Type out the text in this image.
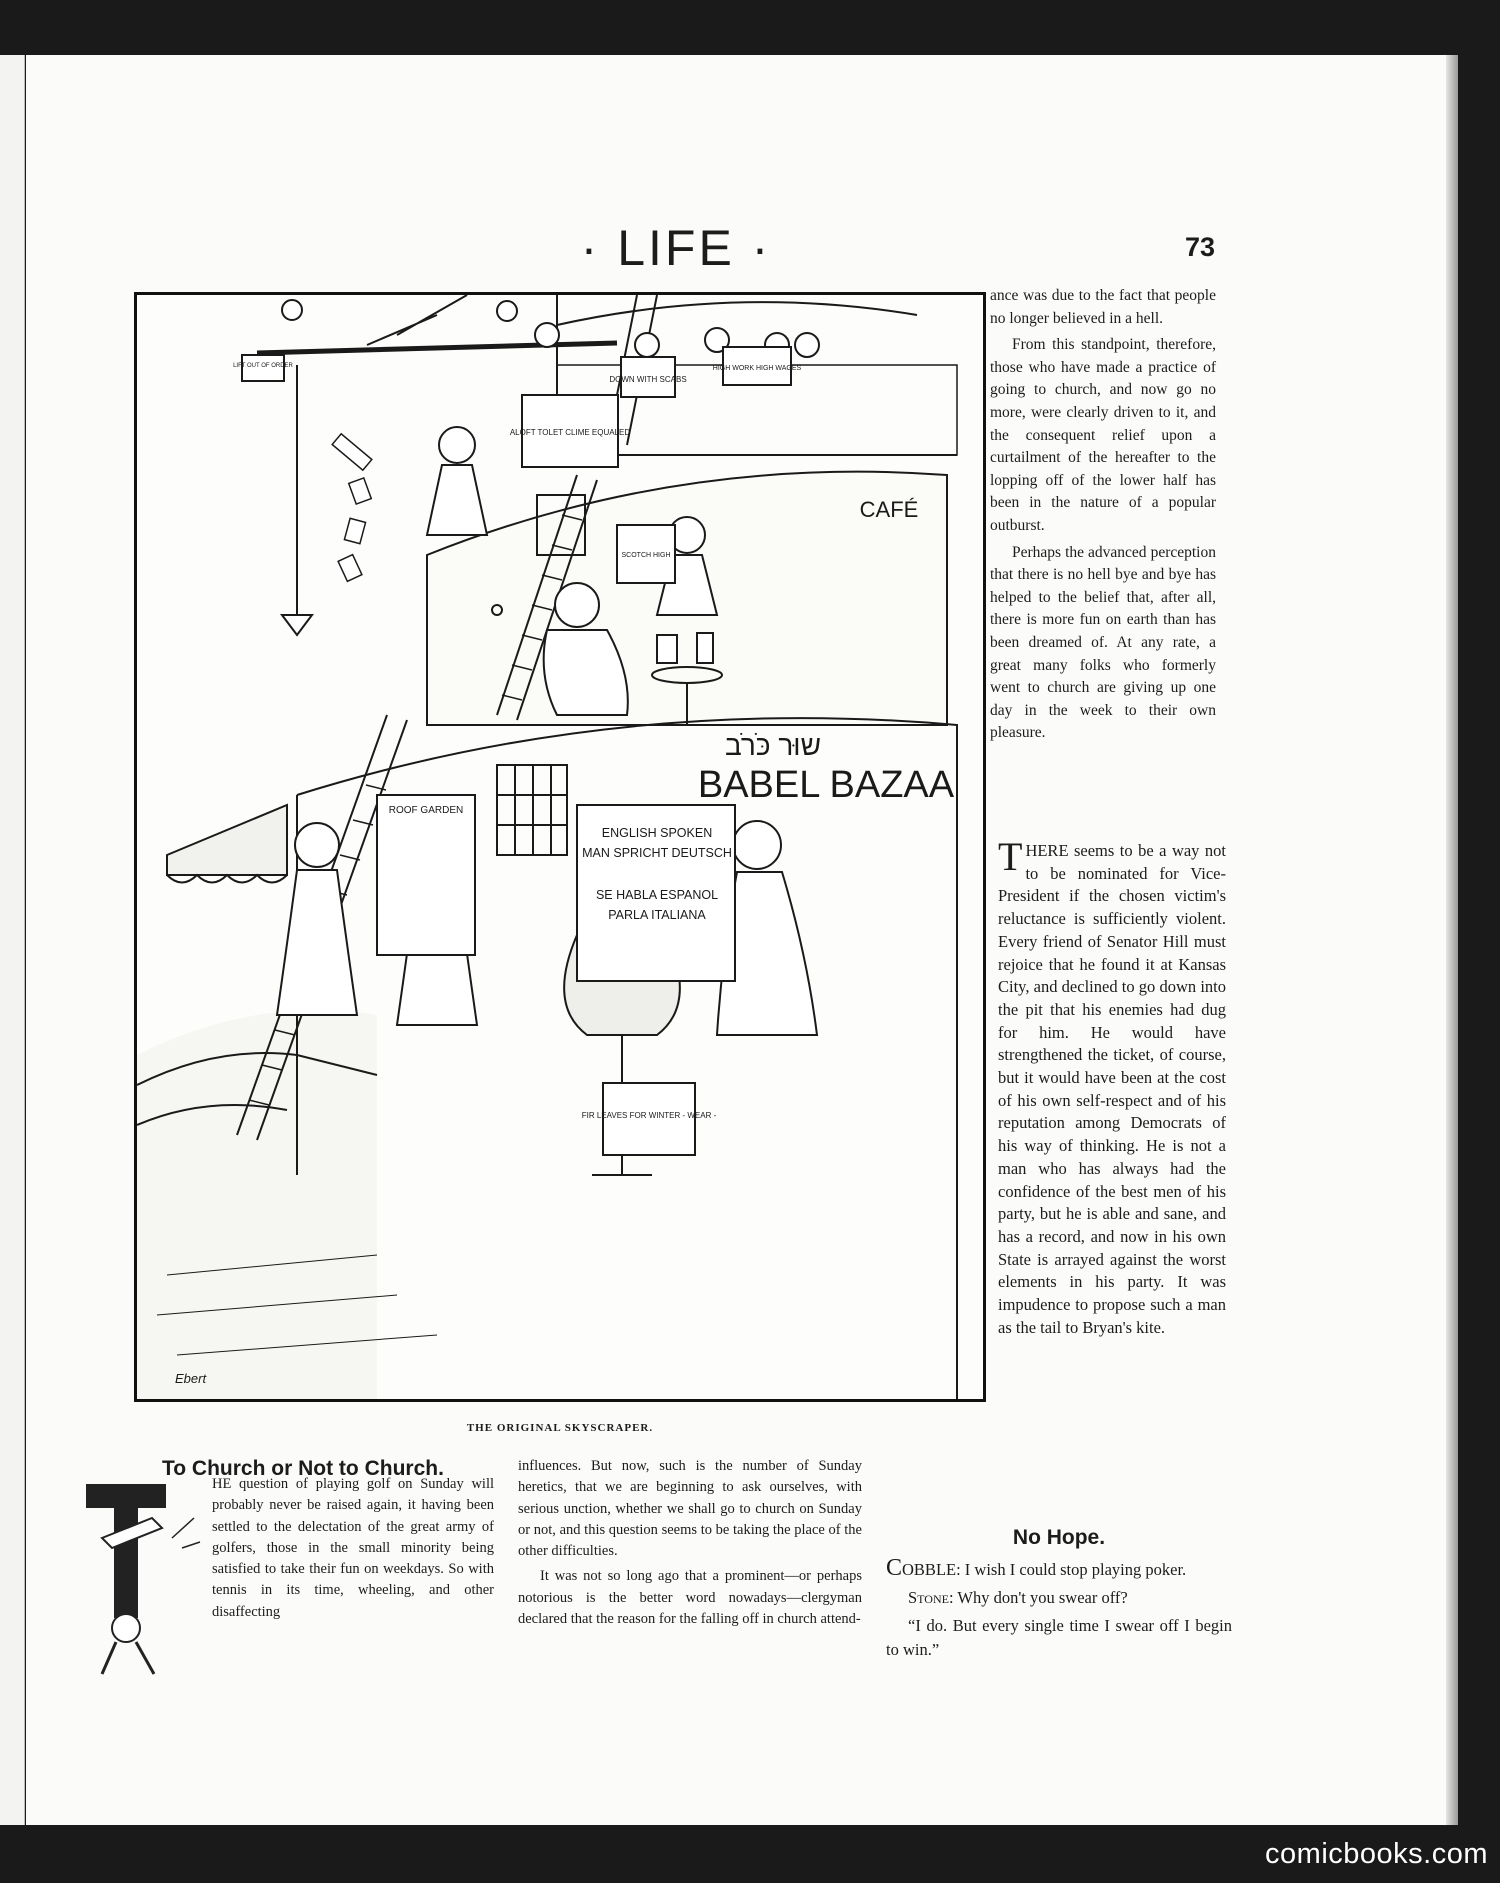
· LIFE ·	73
LIFT OUT OF ORDER
DOWN WITH SCABS
HIGH WORK HIGH WAGES
ALOFT TOLET CLIME EQUALED
SCOTCH HIGH
ROOF GARDEN
FIR LEAVES FOR WINTER - WEAR -
CAFÉ
שוּר כֹּרֹב
BABEL BAZAA
ENGLISH SPOKEN
MAN SPRICHT DEUTSCH
SE HABLA ESPANOL
PARLA ITALIANA
Ebert
THE ORIGINAL SKYSCRAPER.

ance was due to the fact that people no longer believed in a hell.

From this standpoint, therefore, those who have made a practice of going to church, and now go no more, were clearly driven to it, and the consequent relief upon a curtailment of the hereafter to the lopping off of the lower half has been in the nature of a popular outburst.

Perhaps the advanced perception that there is no hell bye and bye has helped to the belief that, after all, there is more fun on earth than has been dreamed of. At any rate, a great many folks who formerly went to church are giving up one day in the week to their own pleasure.

THERE seems to be a way not to be nominated for Vice-President if the chosen victim's reluctance is sufficiently violent. Every friend of Senator Hill must rejoice that he found it at Kansas City, and declined to go down into the pit that his enemies had dug for him. He would have strengthened the ticket, of course, but it would have been at the cost of his own self-respect and of his reputation among Democrats of his way of thinking. He is not a man who has always had the confidence of the best men of his party, but he is able and sane, and has a record, and now in his own State is arrayed against the worst elements in his party. It was impudence to propose such a man as the tail to Bryan's kite.

To Church or Not to Church.

HE question of playing golf on Sunday will probably never be raised again, it having been settled to the delectation of the great army of golfers, those in the small minority being satisfied to take their fun on weekdays. So with tennis in its time, wheeling, and other disaffecting

influences. But now, such is the number of Sunday heretics, that we are beginning to ask ourselves, with serious unction, whether we shall go to church on Sunday or not, and this question seems to be taking the place of the other difficulties.

It was not so long ago that a prominent—or perhaps notorious is the better word nowadays—clergyman declared that the reason for the falling off in church attend-

No Hope.

COBBLE: I wish I could stop playing poker.

Stone: Why don't you swear off?

“I do. But every single time I swear off I begin to win.”

comicbooks.com
